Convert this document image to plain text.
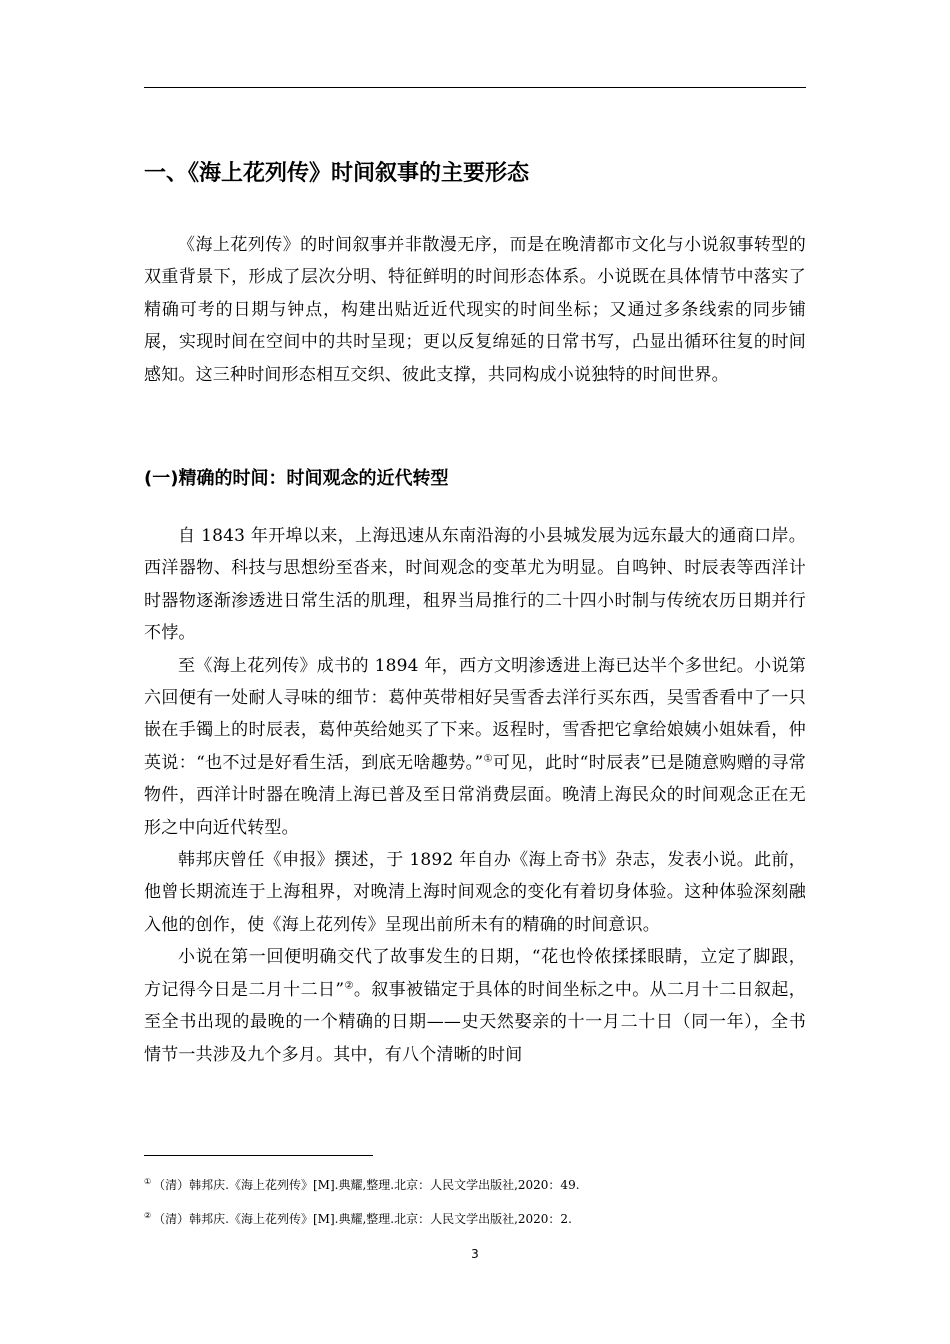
一、《海上花列传》时间叙事的主要形态

《海上花列传》的时间叙事并非散漫无序，而是在晚清都市文化与小说叙事转型的双重背景下，形成了层次分明、特征鲜明的时间形态体系。小说既在具体情节中落实了精确可考的日期与钟点，构建出贴近近代现实的时间坐标；又通过多条线索的同步铺展，实现时间在空间中的共时呈现；更以反复绵延的日常书写，凸显出循环往复的时间感知。这三种时间形态相互交织、彼此支撑，共同构成小说独特的时间世界。

(一)精确的时间：时间观念的近代转型

自 1843 年开埠以来，上海迅速从东南沿海的小县城发展为远东最大的通商口岸。西洋器物、科技与思想纷至沓来，时间观念的变革尤为明显。自鸣钟、时辰表等西洋计时器物逐渐渗透进日常生活的肌理，租界当局推行的二十四小时制与传统农历日期并行不悖。

至《海上花列传》成书的 1894 年，西方文明渗透进上海已达半个多世纪。小说第六回便有一处耐人寻味的细节：葛仲英带相好吴雪香去洋行买东西，吴雪香看中了一只嵌在手镯上的时辰表，葛仲英给她买了下来。返程时，雪香把它拿给娘姨小姐妹看，仲英说：“也不过是好看生活，到底无啥趣势。”①可见，此时“时辰表”已是随意购赠的寻常物件，西洋计时器在晚清上海已普及至日常消费层面。晚清上海民众的时间观念正在无形之中向近代转型。

韩邦庆曾任《申报》撰述，于 1892 年自办《海上奇书》杂志，发表小说。此前，他曾长期流连于上海租界，对晚清上海时间观念的变化有着切身体验。这种体验深刻融入他的创作，使《海上花列传》呈现出前所未有的精确的时间意识。

小说在第一回便明确交代了故事发生的日期，“花也怜侬揉揉眼睛，立定了脚跟，方记得今日是二月十二日”②。叙事被锚定于具体的时间坐标之中。从二月十二日叙起，至全书出现的最晚的一个精确的日期——史天然娶亲的十一月二十日（同一年），全书情节一共涉及九个多月。其中，有八个清晰的时间

① （清）韩邦庆.《海上花列传》[M].典耀,整理.北京：人民文学出版社,2020：49.
② （清）韩邦庆.《海上花列传》[M].典耀,整理.北京：人民文学出版社,2020：2.
3
